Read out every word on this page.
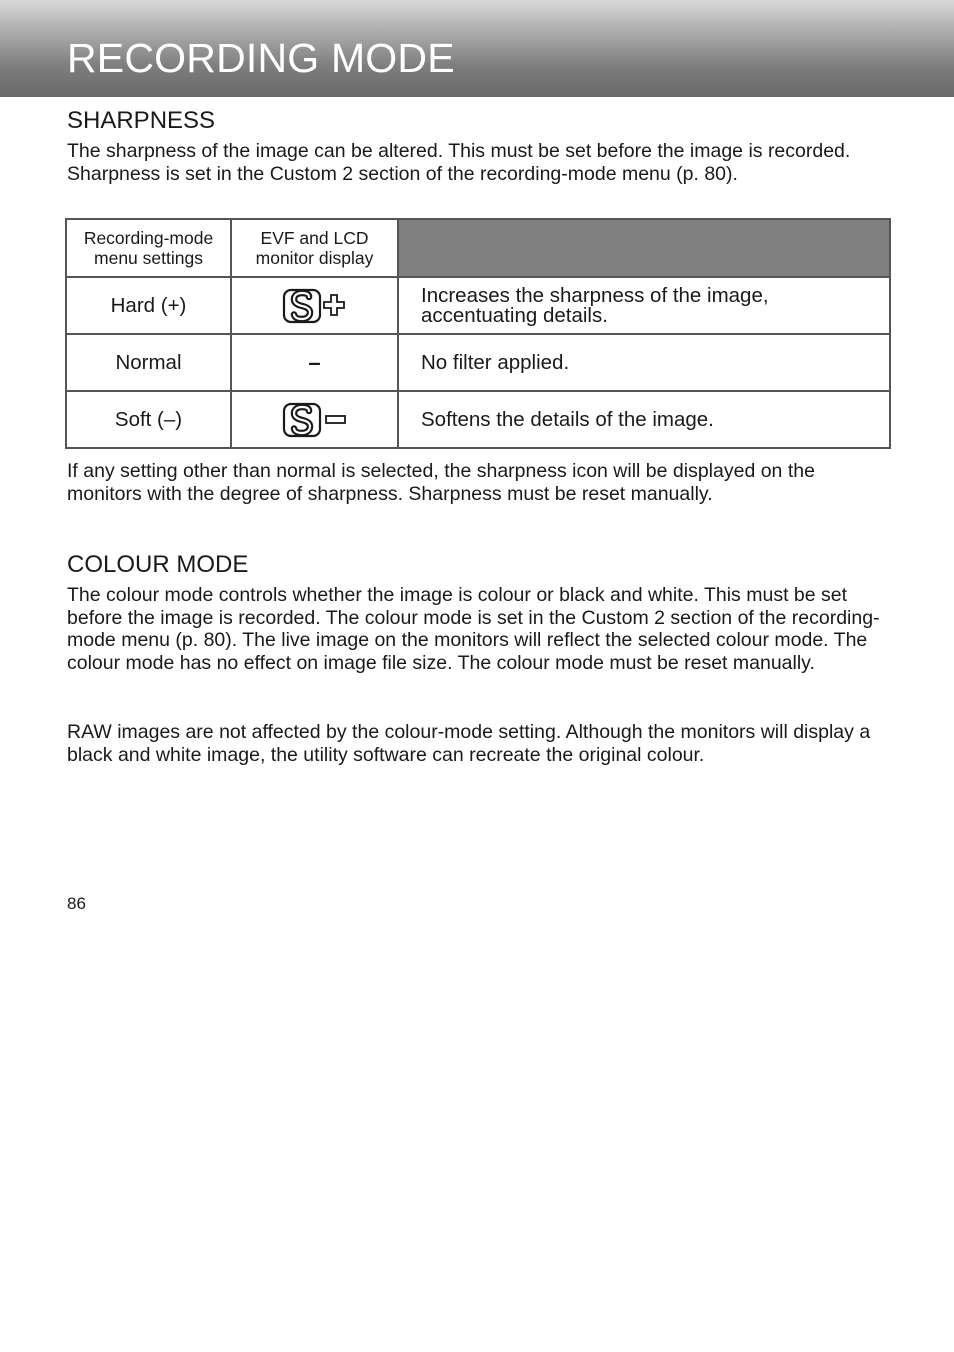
RECORDING MODE
SHARPNESS

The sharpness of the image can be altered. This must be set before the image is recorded. Sharpness is set in the Custom 2 section of the recording-mode menu (p. 80).

Recording-mode menu settings	EVF and LCD monitor display	
Hard (+)		Increases the sharpness of the image, accentuating details.
Normal	–	No filter applied.
Soft (–)		Softens the details of the image.

If any setting other than normal is selected, the sharpness icon will be displayed on the monitors with the degree of sharpness. Sharpness must be reset manually.

COLOUR MODE

The colour mode controls whether the image is colour or black and white. This must be set before the image is recorded. The colour mode is set in the Custom 2 section of the recording-mode menu (p. 80). The live image on the monitors will reflect the selected colour mode. The colour mode has no effect on image file size. The colour mode must be reset manually.

RAW images are not affected by the colour-mode setting. Although the monitors will display a black and white image, the utility software can recreate the original colour.

86
